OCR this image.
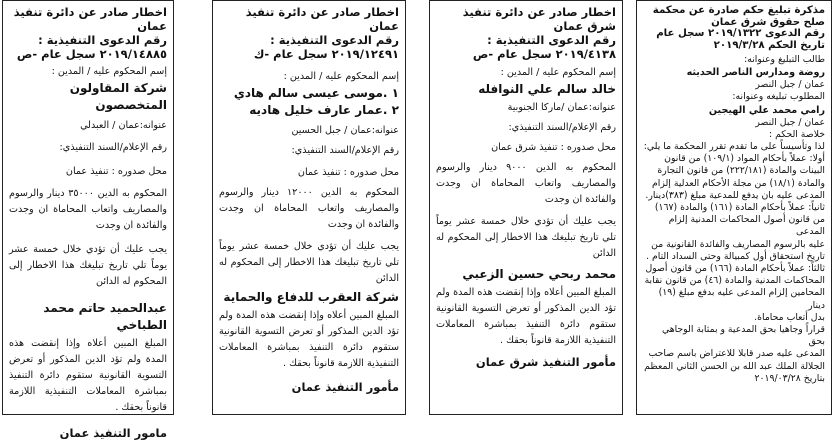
اخطار صادر عن دائرة تنفيذ عمان
رقم الدعوى التنفيذية :
٢٠١٩/١٤٨٨٥ سجل عام -ص
إسم المحكوم عليه / المدين :
شركة المقاولون المتخصصون
عنوانه:عمان / العبدلي
رقم الإعلام/السند التنفيذي:
محل صدوره : تنفيذ عمان
المحكوم به الدين ٣٥٠٠٠ دينار والرسوم والمصاريف واتعاب المحاماة ان وجدت والفائدة ان وجدت
يجب عليك أن تؤدي خلال خمسة عشر يوماً تلي تاريخ تبليغك هذا الاخطار إلى المحكوم له الدائن
عبدالحميد حاتم محمد الطباخي
المبلغ المبين أعلاه وإذا إنقضت هذه المدة ولم تؤد الدين المذكور أو تعرض التسوية القانونية ستقوم دائرة التنفيذ بمباشرة المعاملات التنفيذية اللازمة قانوناً بحقك .
مامور التنفيذ عمان
اخطار صادر عن دائرة تنفيذ عمان
رقم الدعوى التنفيذية :
٢٠١٩/١٢٤٩١ سجل عام -ك
إسم المحكوم عليه / المدين :
١ .موسى عيسى سالم هادي
٢ .عمار عارف خليل هاديه
عنوانه:عمان / جبل الحسين
رقم الإعلام/السند التنفيذي:
محل صدوره : تنفيذ عمان
المحكوم به الدين ١٢٠٠٠ دينار والرسوم والمصاريف واتعاب المحاماة ان وجدت والفائدة ان وجدت
يجب عليك أن تؤدي خلال خمسة عشر يوماً تلي تاريخ تبليغك هذا الاخطار إلى المحكوم له الدائن
شركة العقرب للدفاع والحماية
المبلغ المبين أعلاه وإذا إنقضت هذه المدة ولم تؤد الدين المذكور أو تعرض التسوية القانونية ستقوم دائرة التنفيذ بمباشرة المعاملات التنفيذية اللازمة قانوناً بحقك .
مأمور التنفيذ عمان
اخطار صادر عن دائرة تنفيذ
شرق عمان
رقم الدعوى التنفيذية :
٢٠١٩/٤١٣٨ سجل عام -ص
إسم المحكوم عليه / المدين :
خالد سالم علي النوافله
عنوانه:عمان /ماركا الجنوبية
رقم الإعلام/السند التنفيذي:
محل صدوره : تنفيذ شرق عمان
المحكوم به الدين ٩٠٠٠ دينار والرسوم والمصاريف واتعاب المحاماة ان وجدت والفائدة ان وجدت
يجب عليك أن تؤدي خلال خمسة عشر يوماً تلي تاريخ تبليغك هذا الاخطار إلى المحكوم له الدائن
محمد ربحي حسين الزعبي
المبلغ المبين أعلاه وإذا إنقضت هذه المدة ولم تؤد الدين المذكور أو تعرض التسوية القانونية ستقوم دائرة التنفيذ بمباشرة المعاملات التنفيذية اللازمة قانوناً بحقك .
مأمور التنفيذ شرق عمان
مذكرة تبليغ حكم صادرة عن محكمة
صلح حقوق شرق عمان
رقم الدعوى ٢٠١٩/١٣٢٢ سجل عام
تاريخ الحكم ٢٠١٩/٣/٢٨
طالب التبليغ وعنوانه:
روضة ومدارس الناصر الحديثه
عمان / جبل النصر
المطلوب تبليغه وعنوانه:
رامي محمد علي الهيجين
عمان / جبل النصر
خلاصة الحكم :
لذا وتأسيساً على ما تقدم تقرر المحكمة ما يلي:
أولا: عملاً بأحكام المواد (١٠٩/١) من قانون
البينات والمادة (٢٢٢/١٨١) من قانون التجارة
والمادة (١٨/١) من مجلة الأحكام العدلية إلزام
المدعى عليه بان يدفع للمدعية مبلغ (٣٨٣)دينار.
ثانياً: عملاً بأحكام المادة (١٦١) والمادة (١٦٧)
من قانون أصول المحاكمات المدنية إلزام المدعى
عليه بالرسوم المصاريف والفائدة القانونية من
تاريخ استحقاق أول كمبيالة وحتى السداد التام .
ثالثاً: عملاً بأحكام المادة (١٦٦) من قانون أصول
المحاكمات المدنية والمادة (٤٦) من قانون نقابة
المحامين إلزام المدعى عليه بدفع مبلغ (١٩) دينار
بدل أتعاب محاماة.
قراراً وجاهيا بحق المدعية و بمثابة الوجاهي بحق
المدعى عليه صدر قابلا للاعتراض باسم صاحب
الجلالة الملك عبد الله بن الحسن الثاني المعظم
بتاريخ ٢٠١٩/٠٣/٢٨
